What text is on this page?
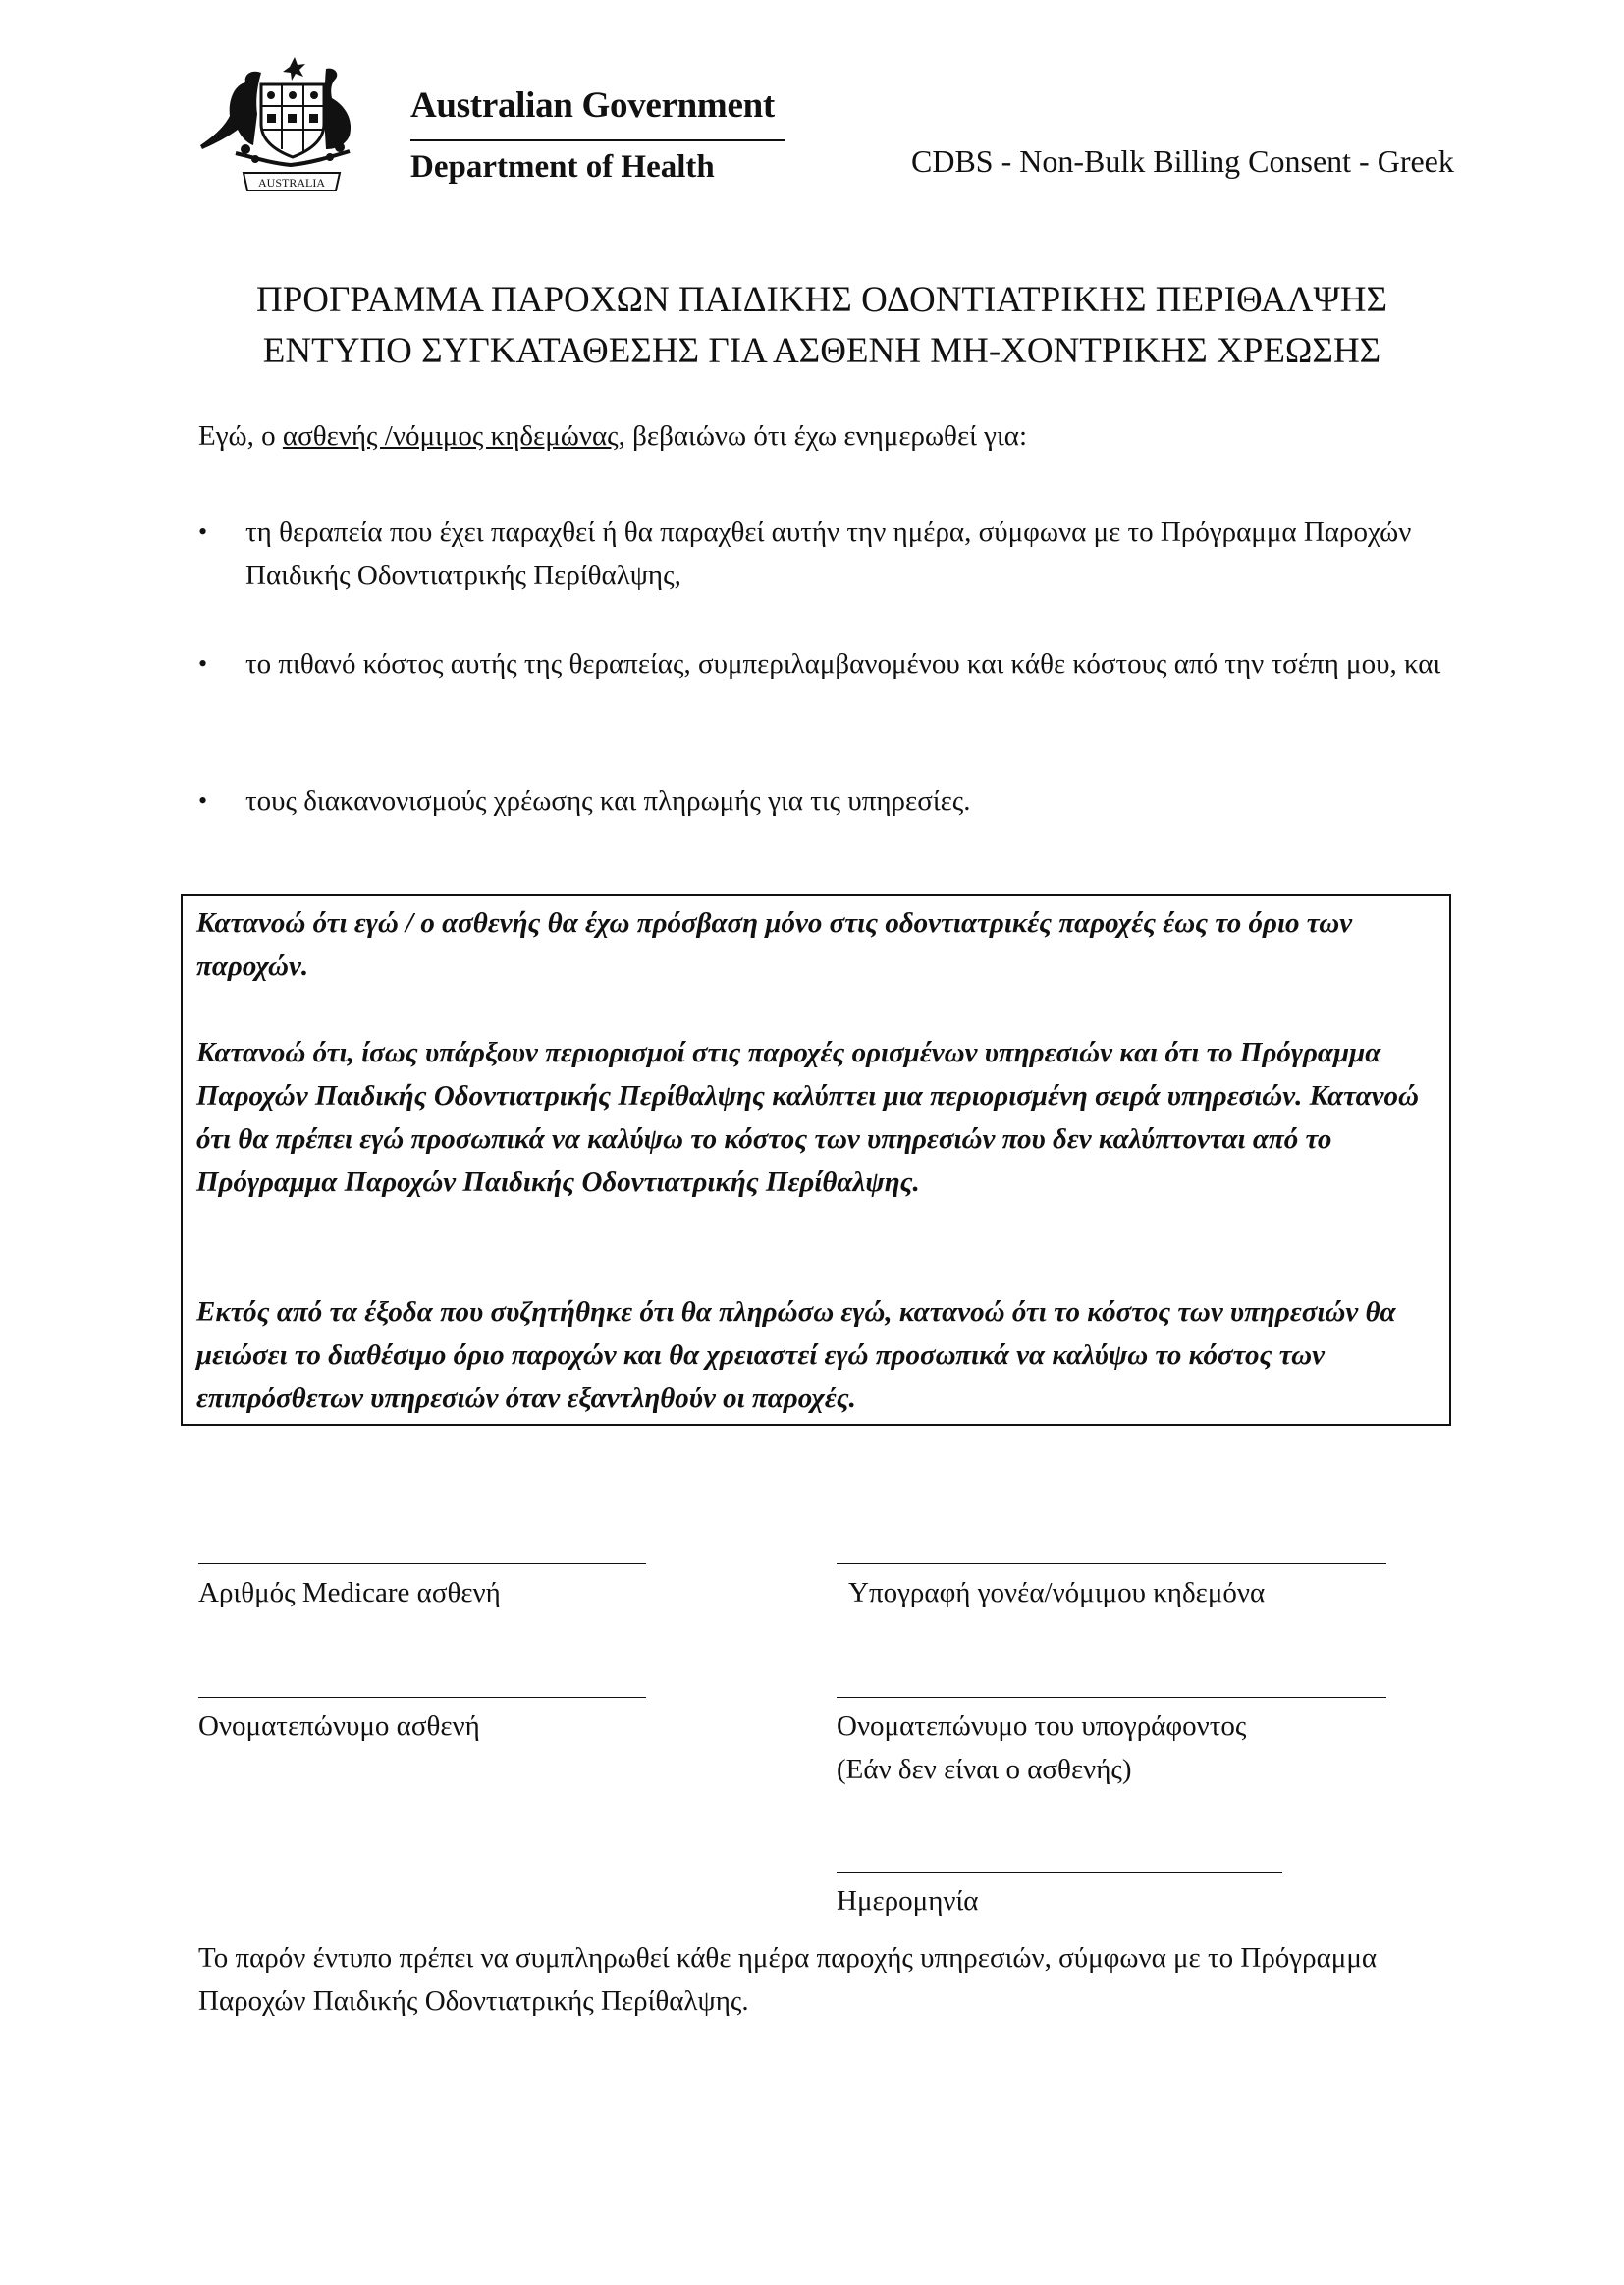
AUSTRALIA
Australian Government
Department of Health	CDBS - Non-Bulk Billing Consent - Greek
ΠΡΟΓΡΑΜΜΑ ΠΑΡΟΧΩΝ ΠΑΙΔΙΚΗΣ ΟΔΟΝΤΙΑΤΡΙΚΗΣ ΠΕΡΙΘΑΛΨΗΣ
ΕΝΤΥΠΟ ΣΥΓΚΑΤΑΘΕΣΗΣ ΓΙΑ ΑΣΘΕΝΗ ΜΗ-ΧΟΝΤΡΙΚΗΣ ΧΡΕΩΣΗΣ
Εγώ, ο ασθενής /νόμιμος κηδεμώνας, βεβαιώνω ότι έχω ενημερωθεί για:
• τη θεραπεία που έχει παραχθεί ή θα παραχθεί αυτήν την ημέρα, σύμφωνα με το Πρόγραμμα Παροχών Παιδικής Οδοντιατρικής Περίθαλψης,
• το πιθανό κόστος αυτής της θεραπείας, συμπεριλαμβανομένου και κάθε κόστους από την τσέπη μου, και
• τους διακανονισμούς χρέωσης και πληρωμής για τις υπηρεσίες.

Κατανοώ ότι εγώ / ο ασθενής θα έχω πρόσβαση μόνο στις οδοντιατρικές παροχές έως το όριο των παροχών.

Κατανοώ ότι, ίσως υπάρξουν περιορισμοί στις παροχές ορισμένων υπηρεσιών και ότι το Πρόγραμμα Παροχών Παιδικής Οδοντιατρικής Περίθαλψης καλύπτει μια περιορισμένη σειρά υπηρεσιών. Κατανοώ ότι θα πρέπει εγώ προσωπικά να καλύψω το κόστος των υπηρεσιών που δεν καλύπτονται από το Πρόγραμμα Παροχών Παιδικής Οδοντιατρικής Περίθαλψης.

Εκτός από τα έξοδα που συζητήθηκε ότι θα πληρώσω εγώ, κατανοώ ότι το κόστος των υπηρεσιών θα μειώσει το διαθέσιμο όριο παροχών και θα χρειαστεί εγώ προσωπικά να καλύψω το κόστος των επιπρόσθετων υπηρεσιών όταν εξαντληθούν οι παροχές.

Αριθμός Medicare ασθενή	Υπογραφή γονέα/νόμιμου κηδεμόνα
Ονοματεπώνυμο ασθενή	Ονοματεπώνυμο του υπογράφοντος
(Εάν δεν είναι ο ασθενής)
Ημερομηνία
Το παρόν έντυπο πρέπει να συμπληρωθεί κάθε ημέρα παροχής υπηρεσιών, σύμφωνα με το Πρόγραμμα Παροχών Παιδικής Οδοντιατρικής Περίθαλψης.
